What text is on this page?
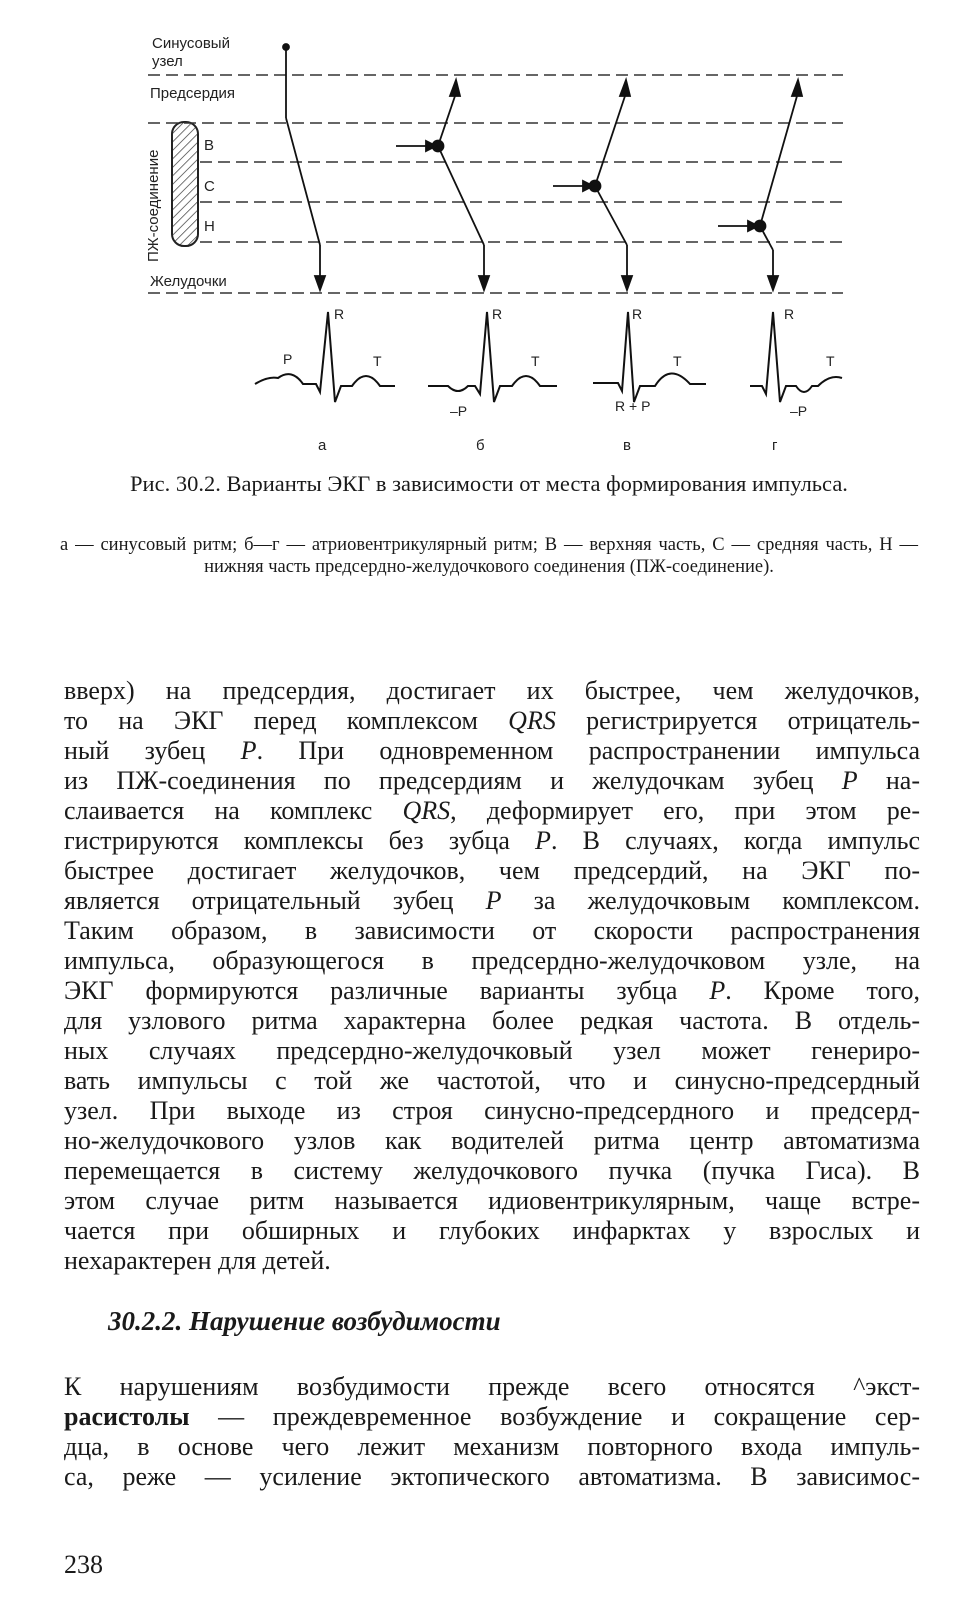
Синусовый
узел
Предсердия
Желудочки
ПЖ-соединение
В
С
Н
P
R
T
R
–P
T
R
R + P
T
R
T
–P
а	б	в	г
Рис. 30.2. Варианты ЭКГ в зависимости от места формирования импульса.
а — синусовый ритм; б—г — атриовентрикулярный ритм; В — верхняя часть, С — средняя часть, Н — нижняя часть предсердно-желудочкового соединения (ПЖ-соединение).
вверх) на предсердия, достигает их быстрее, чем желудочков,
то на ЭКГ перед комплексом QRS регистрируется отрицатель-
ный зубец P. При одновременном распространении импульса
из ПЖ-соединения по предсердиям и желудочкам зубец P на-
слаивается на комплекс QRS, деформирует его, при этом ре-
гистрируются комплексы без зубца P. В случаях, когда импульс
быстрее достигает желудочков, чем предсердий, на ЭКГ по-
является отрицательный зубец P за желудочковым комплексом.
Таким образом, в зависимости от скорости распространения
импульса, образующегося в предсердно-желудочковом узле, на
ЭКГ формируются различные варианты зубца P. Кроме того,
для узлового ритма характерна более редкая частота. В отдель-
ных случаях предсердно-желудочковый узел может генериро-
вать импульсы с той же частотой, что и синусно-предсердный
узел. При выходе из строя синусно-предсердного и предсерд-
но-желудочкового узлов как водителей ритма центр автоматизма
перемещается в систему желудочкового пучка (пучка Гиса). В
этом случае ритм называется идиовентрикулярным, чаще встре-
чается при обширных и глубоких инфарктах у взрослых и
нехарактерен для детей.
30.2.2. Нарушение возбудимости
К нарушениям возбудимости прежде всего относятся ^экст-
расистолы — преждевременное возбуждение и сокращение сер-
дца, в основе чего лежит механизм повторного входа импуль-
са, реже — усиление эктопического автоматизма. В зависимос-
238
